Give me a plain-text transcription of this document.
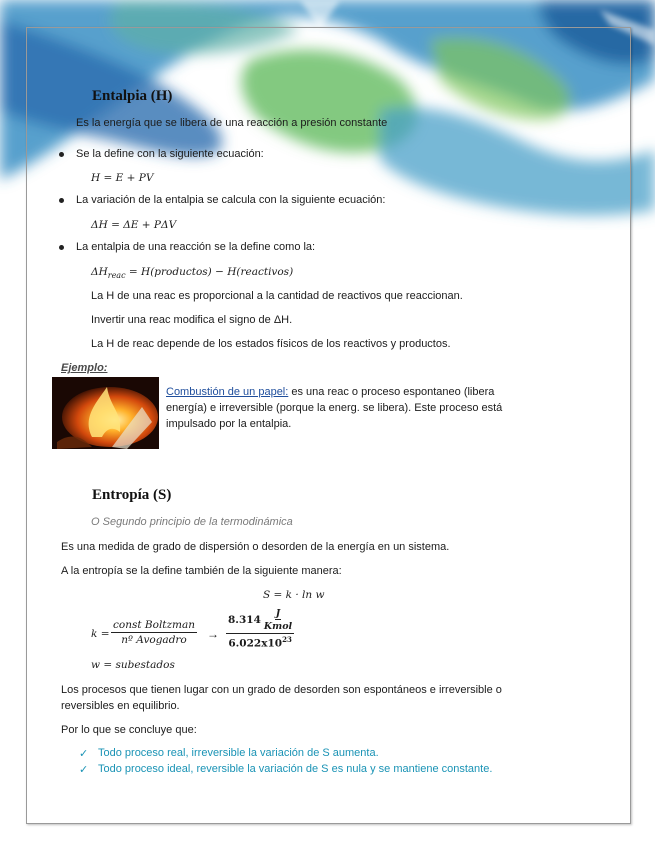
Entalpia (H)
Es la energía que se libera de una reacción a presión constante
Se la define con la siguiente ecuación:
H = E + PV
La variación de la entalpia se calcula con la siguiente ecuación:
ΔH = ΔE + PΔV
La entalpia de una reacción se la define como la:
$\Delta H_{reac}$ = H(productos) − H(reactivos)
La H de una reac es proporcional a la cantidad de reactivos que reaccionan.
Invertir una reac modifica el signo de ΔH.
La H de reac depende de los estados físicos de los reactivos y productos.
Ejemplo:
Combustión de un papel: es una reac o proceso espontaneo (libera
energía) e irreversible (porque la energ. se libera). Este proceso está
impulsado por la entalpia.
Entropía (S)
O Segundo principio de la termodinámica
Es una medida de grado de dispersión o desorden de la energía en un sistema.
A la entropía se la define también de la siguiente manera:
S = k · ln w
k =
const Boltzman
nº Avogadro →
$8.314 \frac{J}{\text{Kmol}}$
$6.022x10^{23}$
w = subestados
Los procesos que tienen lugar con un grado de desorden son espontáneos e irreversible o
reversibles en equilibrio.
Por lo que se concluye que:
✓ Todo proceso real, irreversible la variación de S aumenta.
✓ Todo proceso ideal, reversible la variación de S es nula y se mantiene constante.
